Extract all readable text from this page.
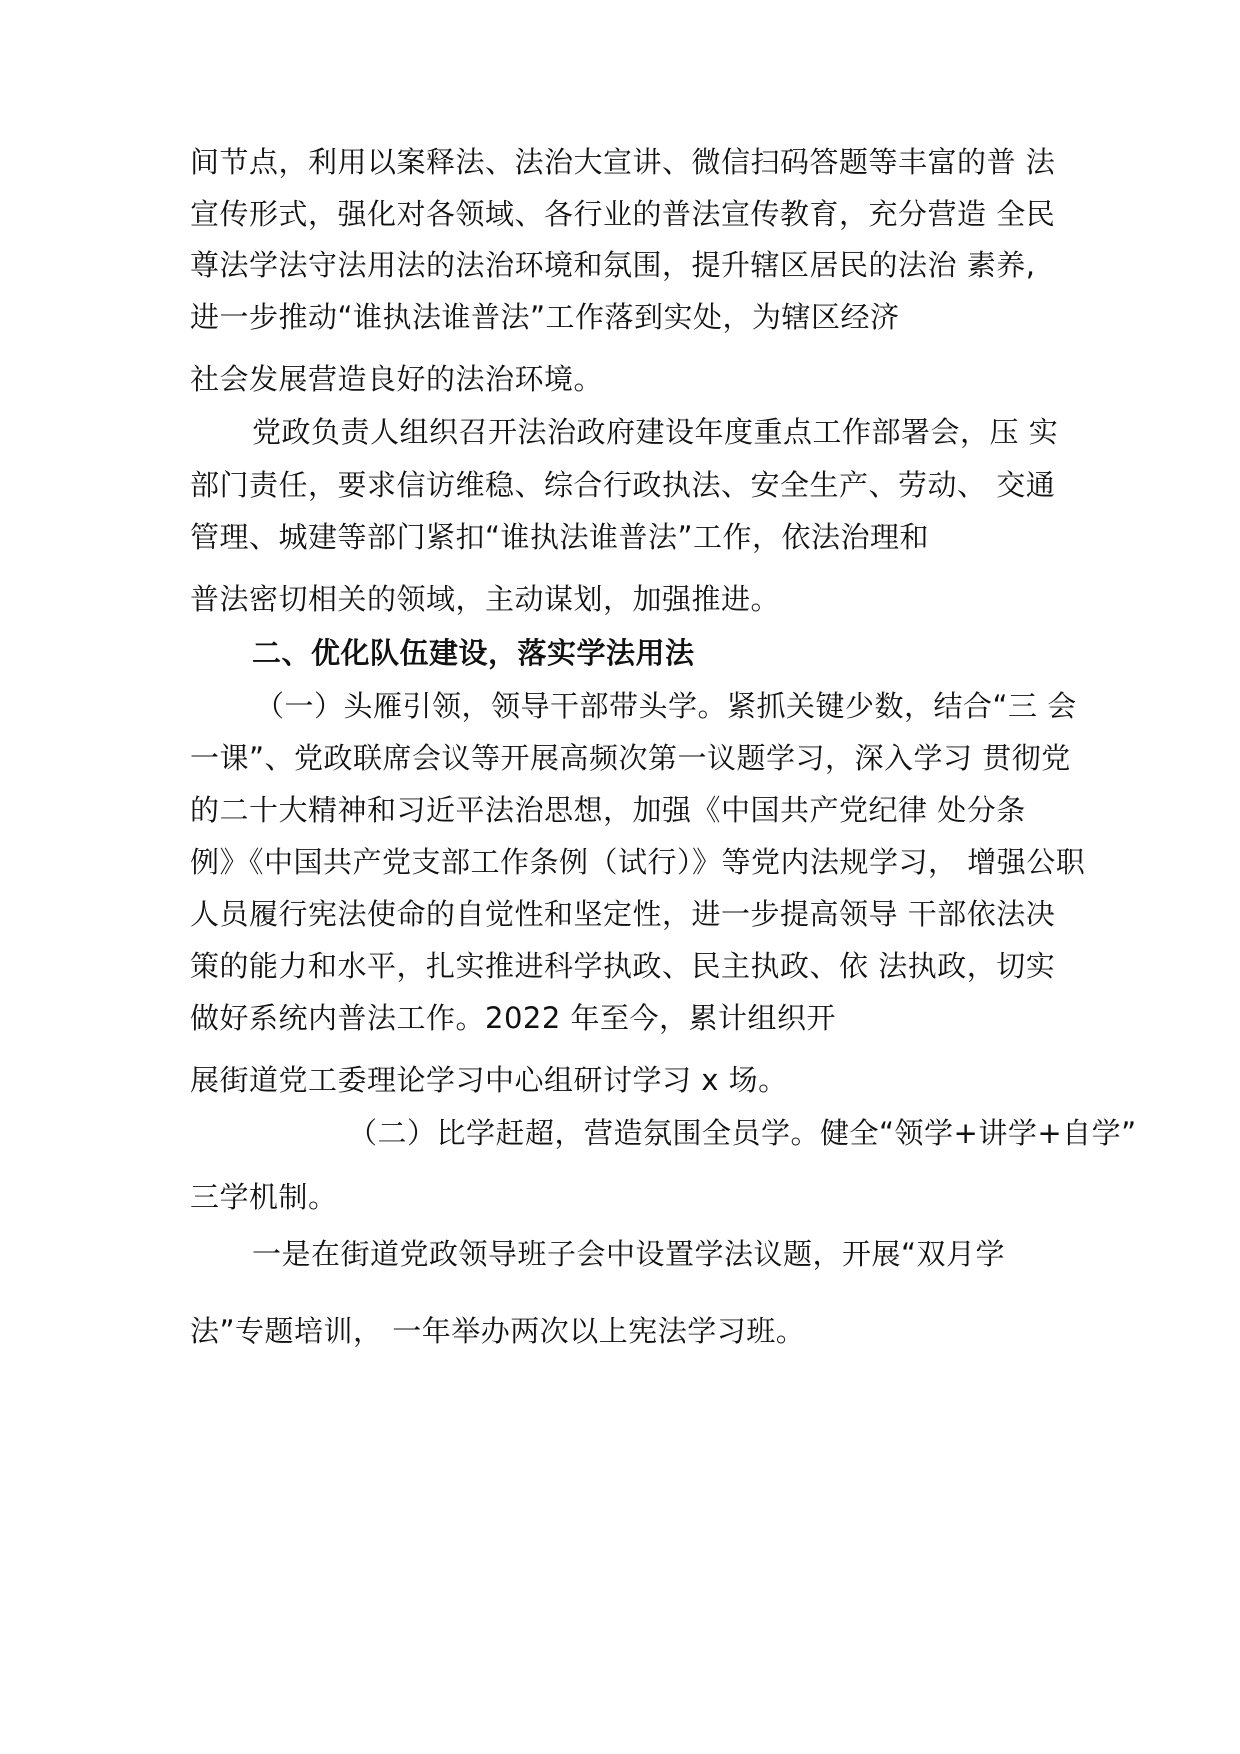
间节点，利用以案释法、法治大宣讲、微信扫码答题等丰富的普 法
宣传形式，强化对各领域、各行业的普法宣传教育，充分营造 全民
尊法学法守法用法的法治环境和氛围，提升辖区居民的法治 素养,
进一步推动“谁执法谁普法”工作落到实处，为辖区经济
社会发展营造良好的法治环境。
党政负责人组织召开法治政府建设年度重点工作部署会，压 实
部门责任，要求信访维稳、综合行政执法、安全生产、劳动、 交通
管理、城建等部门紧扣“谁执法谁普法”工作，依法治理和
普法密切相关的领域，主动谋划，加强推进。
二、优化队伍建设，落实学法用法
（一）头雁引领，领导干部带头学。紧抓关键少数，结合“三 会
一课”、党政联席会议等开展高频次第一议题学习，深入学习 贯彻党
的二十大精神和习近平法治思想，加强《中国共产党纪律 处分条
例》《中国共产党支部工作条例（试行）》等党内法规学习， 增强公职
人员履行宪法使命的自觉性和坚定性，进一步提高领导 干部依法决
策的能力和水平，扎实推进科学执政、民主执政、依 法执政，切实
做好系统内普法工作。2022 年至今，累计组织开
展街道党工委理论学习中心组研讨学习 x 场。
（二）比学赶超，营造氛围全员学。健全“领学+讲学+自学”
三学机制。
一是在街道党政领导班子会中设置学法议题，开展“双月学
法”专题培训， 一年举办两次以上宪法学习班。
